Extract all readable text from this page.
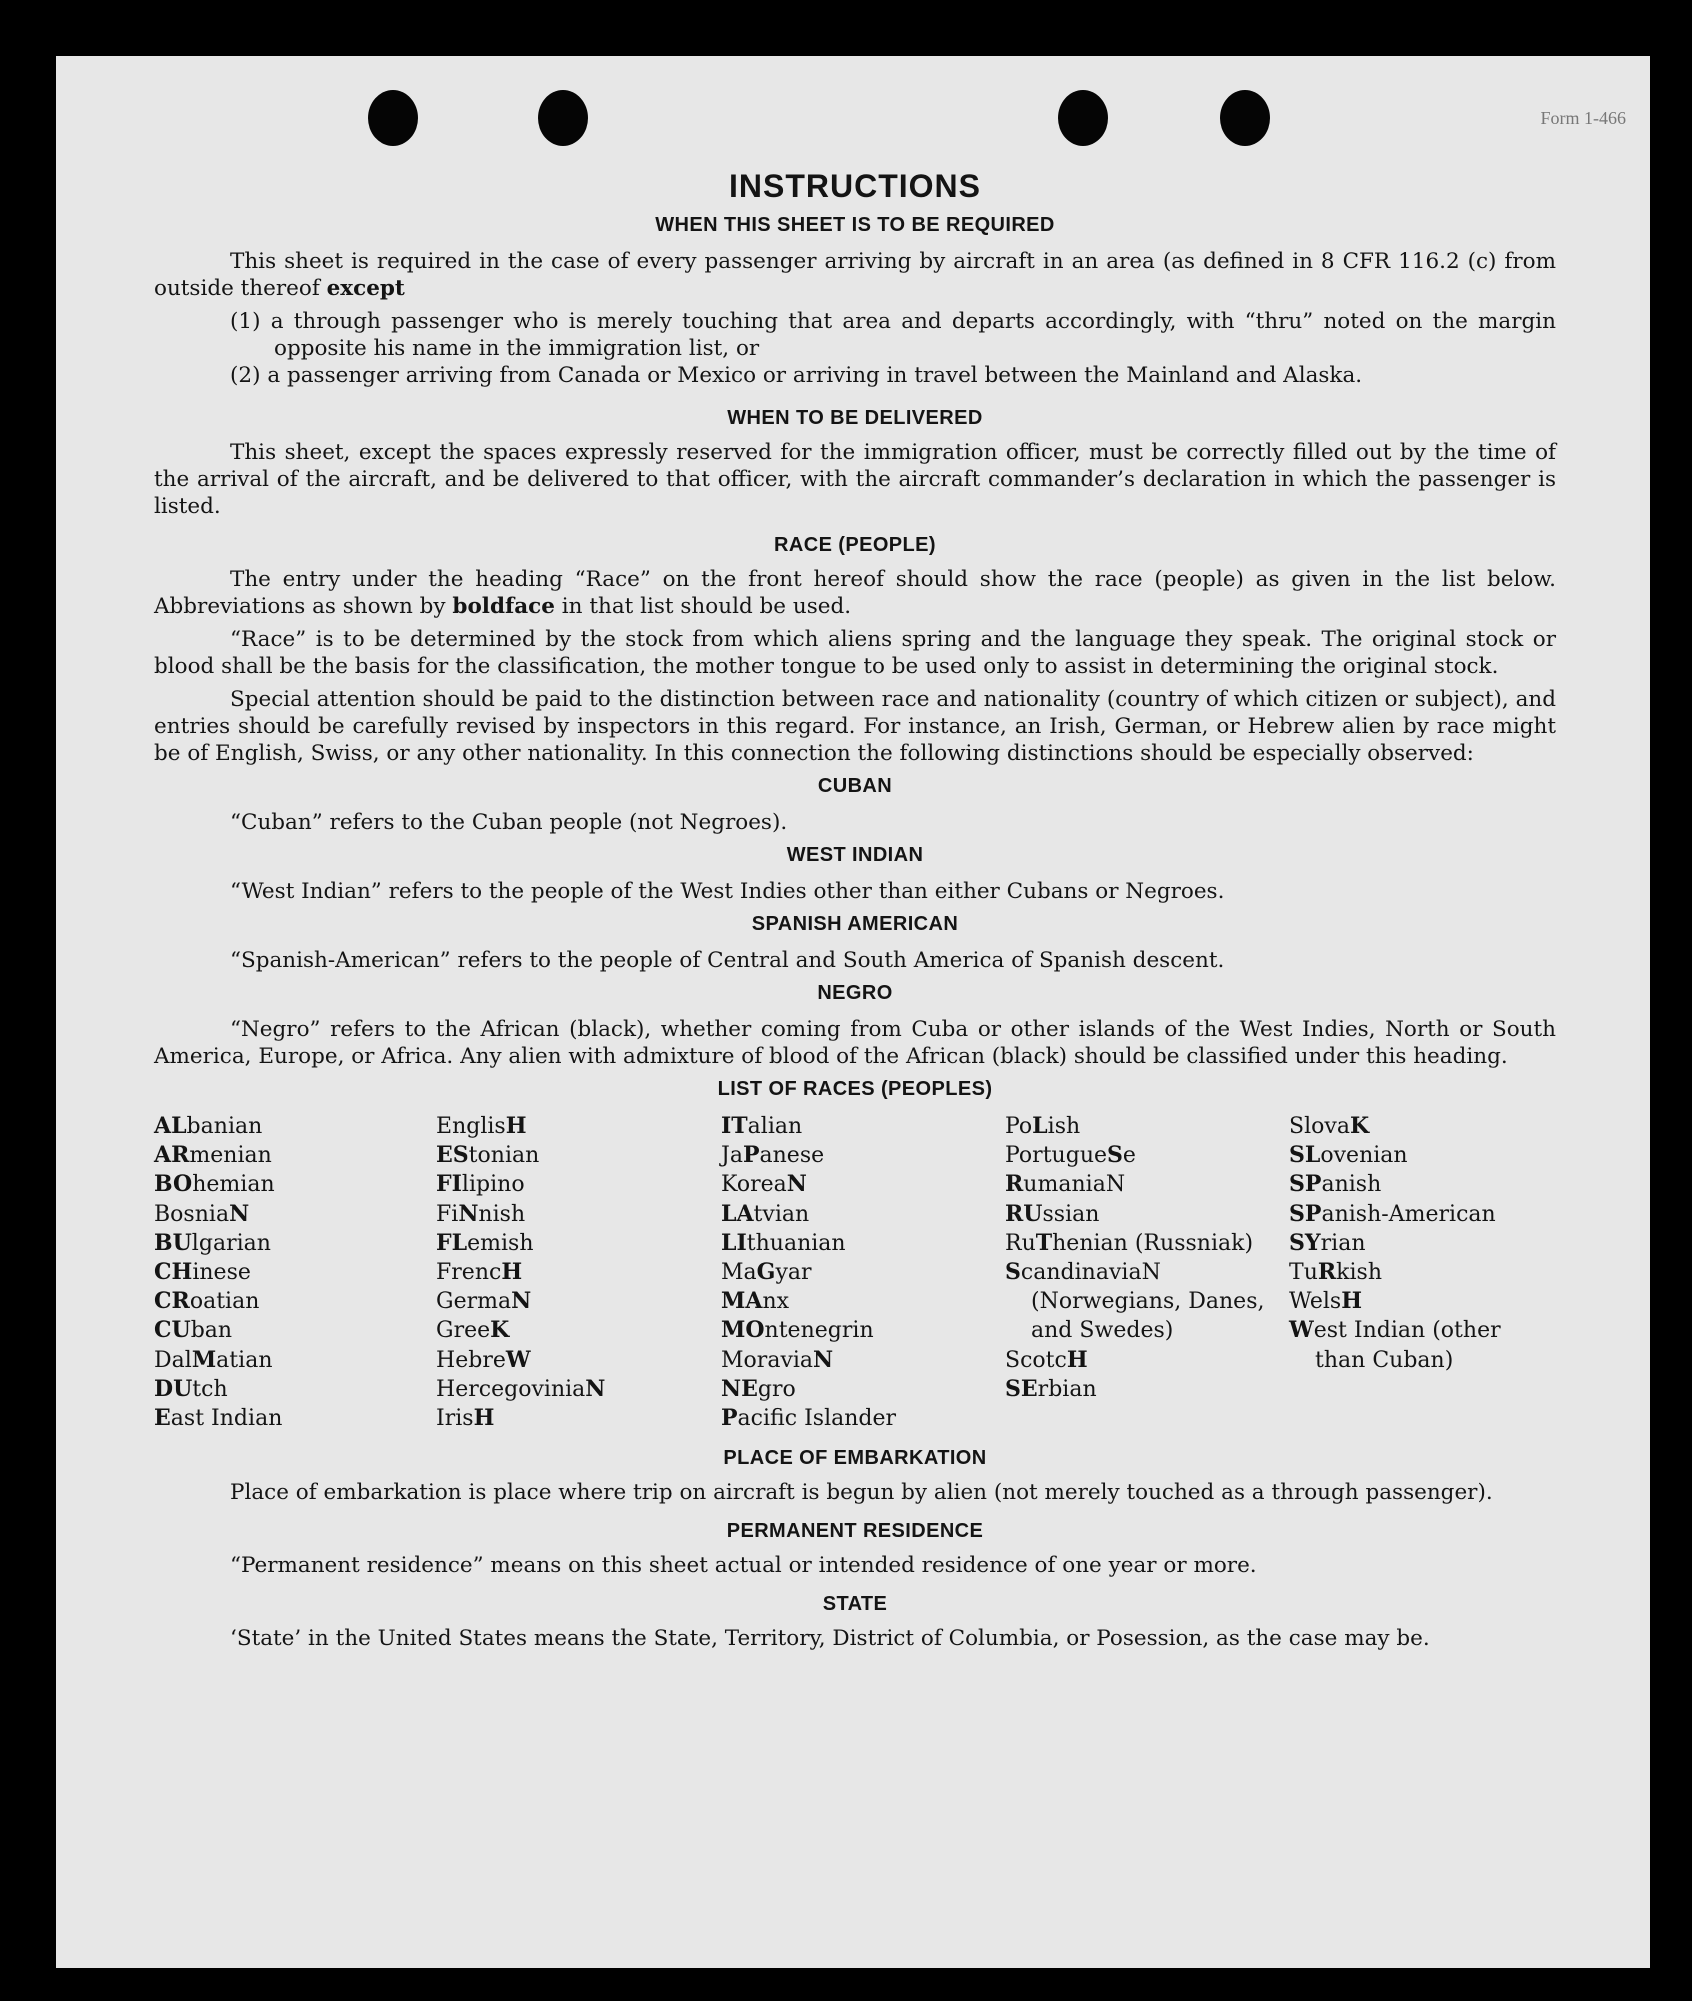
Form 1-466
INSTRUCTIONS
WHEN THIS SHEET IS TO BE REQUIRED

This sheet is required in the case of every passenger arriving by aircraft in an area (as defined in 8 CFR 116.2 (c) from outside thereof except

(1) a through passenger who is merely touching that area and departs accordingly, with “thru” noted on the margin opposite his name in the immigration list, or

(2) a passenger arriving from Canada or Mexico or arriving in travel between the Mainland and Alaska.

WHEN TO BE DELIVERED

This sheet, except the spaces expressly reserved for the immigration officer, must be correctly filled out by the time of the arrival of the aircraft, and be delivered to that officer, with the aircraft commander’s declaration in which the passenger is listed.

RACE (PEOPLE)

The entry under the heading “Race” on the front hereof should show the race (people) as given in the list below. Abbreviations as shown by boldface in that list should be used.

“Race” is to be determined by the stock from which aliens spring and the language they speak. The original stock or blood shall be the basis for the classification, the mother tongue to be used only to assist in determining the original stock.

Special attention should be paid to the distinction between race and nationality (country of which citizen or subject), and entries should be carefully revised by inspectors in this regard. For instance, an Irish, German, or Hebrew alien by race might be of English, Swiss, or any other nationality. In this connection the following distinctions should be especially observed:

CUBAN

“Cuban” refers to the Cuban people (not Negroes).

WEST INDIAN

“West Indian” refers to the people of the West Indies other than either Cubans or Negroes.

SPANISH AMERICAN

“Spanish-American” refers to the people of Central and South America of Spanish descent.

NEGRO

“Negro” refers to the African (black), whether coming from Cuba or other islands of the West Indies, North or South America, Europe, or Africa. Any alien with admixture of blood of the African (black) should be classified under this heading.

LIST OF RACES (PEOPLES)
ALbanian
ARmenian
BOhemian
BosniaN
BUlgarian
CHinese
CRoatian
CUban
DalMatian
DUtch
East Indian
EnglisH
EStonian
FIlipino
FiNnish
FLemish
FrencH
GermaN
GreeK
HebreW
HercegoviniaN
IrisH
ITalian
JaPanese
KoreaN
LAtvian
LIthuanian
MaGyar
MAnx
MOntenegrin
MoraviaN
NEgro
Pacifc Islander
PoLish
PortugueSe
RumaniaN
RUssian
RuThenian (Russniak)
ScandinaviaN (Norwegians, Danes, and Swedes)
ScotcH
SErbian
SlovaK
SLovenian
SPanish
SPanish-American
SYrian
TuRkish
WelsH
West Indian (other than Cuban)
PLACE OF EMBARKATION

Place of embarkation is place where trip on aircraft is begun by alien (not merely touched as a through passenger).

PERMANENT RESIDENCE

“Permanent residence” means on this sheet actual or intended residence of one year or more.

STATE

‘State’ in the United States means the State, Territory, District of Columbia, or Posession, as the case may be.
